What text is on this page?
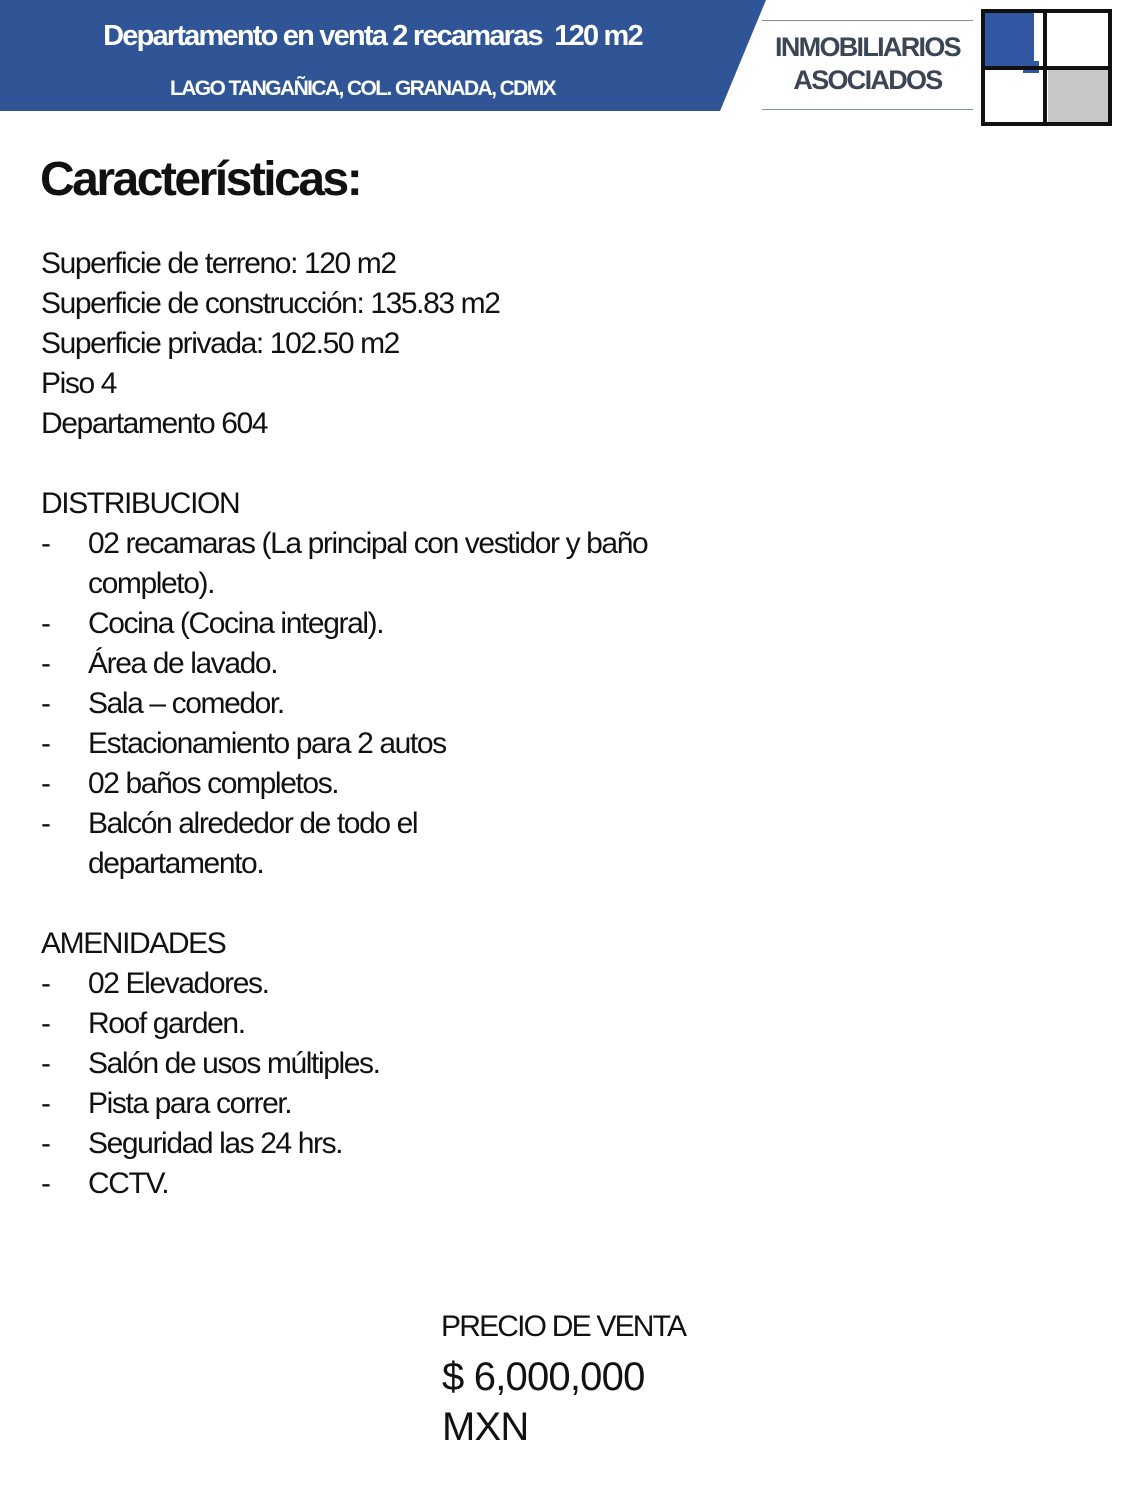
Departamento en venta 2 recamaras  120 m2
LAGO TANGAÑICA, COL. GRANADA, CDMX
INMOBILIARIOS
ASOCIADOS
Características:
Superficie de terreno: 120 m2
Superficie de construcción: 135.83 m2
Superficie privada: 102.50 m2
Piso 4
Departamento 604
DISTRIBUCION
-	02 recamaras (La principal con vestidor y baño completo).
-	Cocina (Cocina integral).
-	Área de lavado.
-	Sala – comedor.
-	Estacionamiento para 2 autos
-	02 baños completos.
-	Balcón alrededor de todo el departamento.
AMENIDADES
-	02 Elevadores.
-	Roof garden.
-	Salón de usos múltiples.
-	Pista para correr.
-	Seguridad las 24 hrs.
-	CCTV.
PRECIO DE VENTA
$ 6,000,000 MXN
